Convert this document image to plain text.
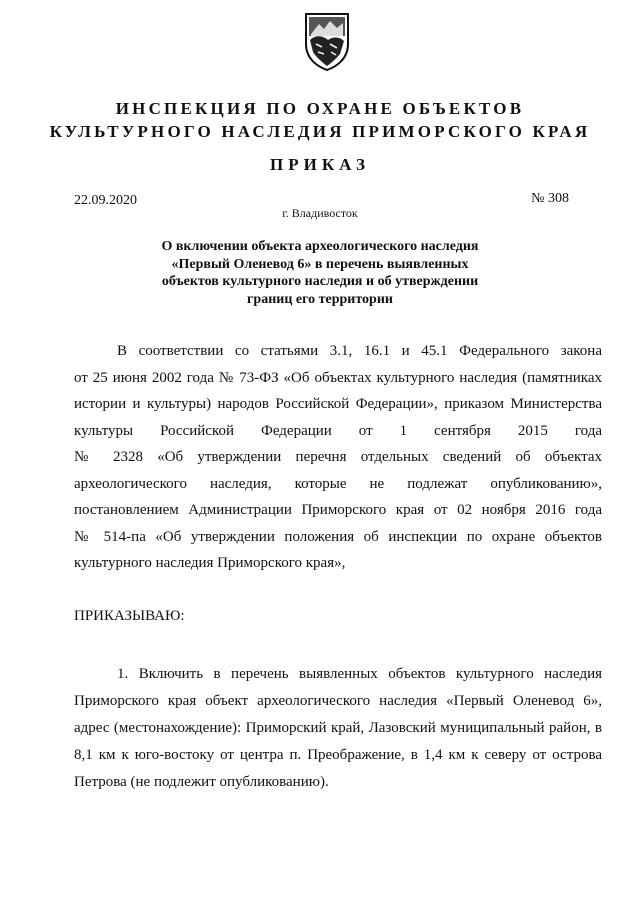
ИНСПЕКЦИЯ ПО ОХРАНЕ ОБЪЕКТОВ
КУЛЬТУРНОГО НАСЛЕДИЯ ПРИМОРСКОГО КРАЯ
ПРИКАЗ
22.09.2020	№ 308
г. Владивосток
О включении объекта археологического наследия
«Первый Оленевод 6» в перечень выявленных
объектов культурного наследия и об утверждении
границ его территории
В соответствии со статьями 3.1, 16.1 и 45.1 Федерального закона
от 25 июня 2002 года № 73-ФЗ «Об объектах культурного наследия (памятниках
истории и культуры) народов Российской Федерации», приказом Министерства
культуры Российской Федерации от 1 сентября 2015 года
№ 2328 «Об утверждении перечня отдельных сведений об объектах
археологического наследия, которые не подлежат опубликованию»,
постановлением Администрации Приморского края от 02 ноября 2016 года
№ 514-па «Об утверждении положения об инспекции по охране объектов
культурного наследия Приморского края»,
ПРИКАЗЫВАЮ:
1. Включить в перечень выявленных объектов культурного наследия
Приморского края объект археологического наследия «Первый Оленевод 6»,
адрес (местонахождение): Приморский край, Лазовский муниципальный район, в
8,1 км к юго-востоку от центра п. Преображение, в 1,4 км к северу от острова
Петрова (не подлежит опубликованию).
